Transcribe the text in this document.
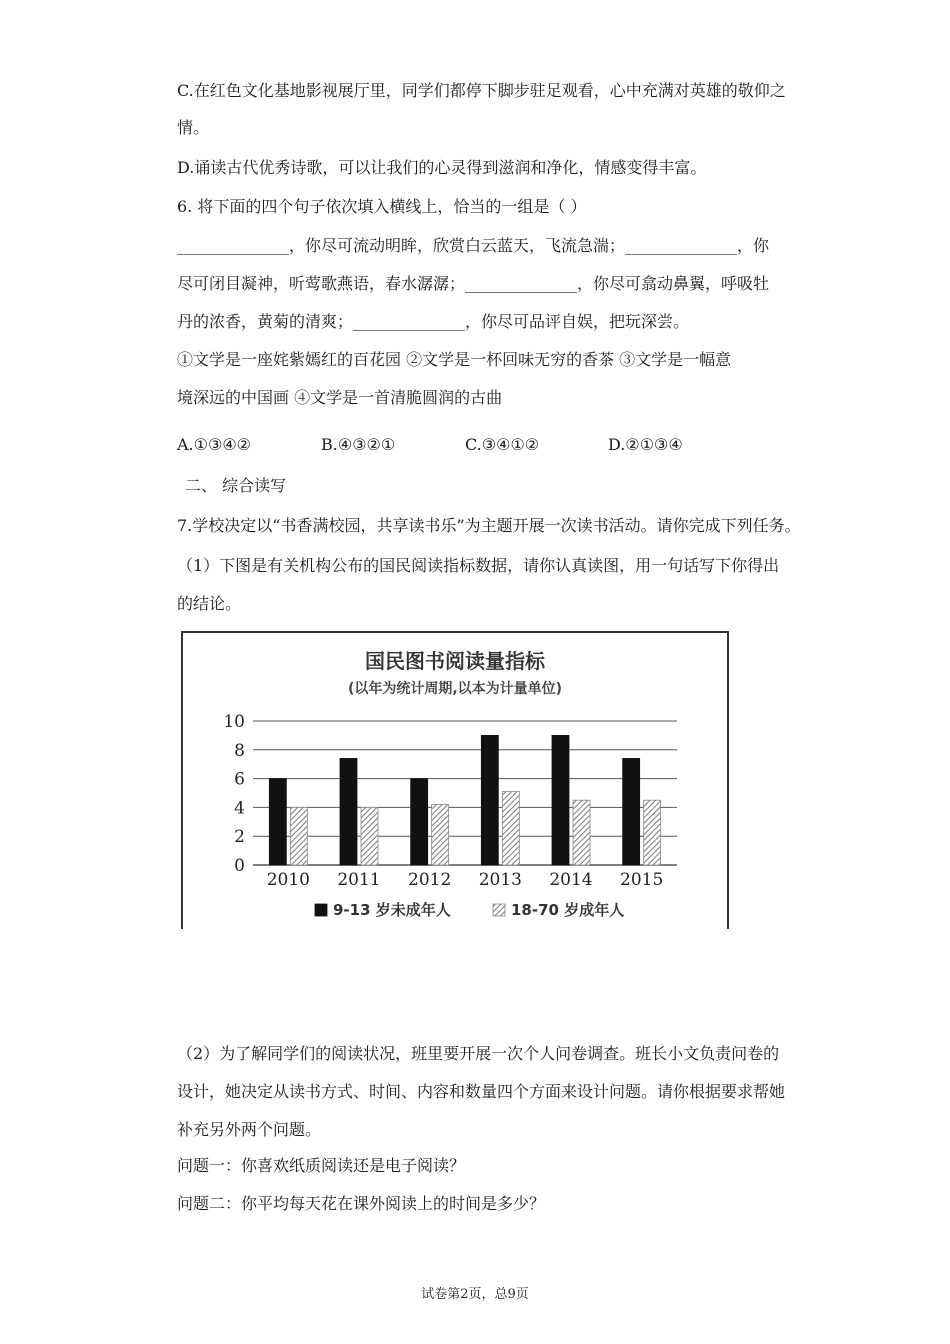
C.在红色文化基地影视展厅里，同学们都停下脚步驻足观看，心中充满对英雄的敬仰之
情。
D.诵读古代优秀诗歌，可以让我们的心灵得到滋润和净化，情感变得丰富。
6. 将下面的四个句子依次填入横线上，恰当的一组是（ ）
______________，你尽可流动明眸，欣赏白云蓝天，飞流急湍；______________，你
尽可闭目凝神，听莺歌燕语，春水潺潺；______________，你尽可翕动鼻翼，呼吸牡
丹的浓香，黄菊的清爽；______________，你尽可品评自娱，把玩深尝。
①文学是一座姹紫嫣红的百花园 ②文学是一杯回味无穷的香茶 ③文学是一幅意
境深远的中国画 ④文学是一首清脆圆润的古曲
A.①③④②	B.④③②①	C.③④①②	D.②①③④
二、 综合读写
7.学校决定以“书香满校园，共享读书乐”为主题开展一次读书活动。请你完成下列任务。
（1）下图是有关机构公布的国民阅读指标数据，请你认真读图，用一句话写下你得出
的结论。
国民图书阅读量指标
(以年为统计周期,以本为计量单位)
0
2
4
6
8
10
2010 2011 2012 2013 2014 2015
9-13 岁未成年人	18-70 岁成年人
（2）为了解同学们的阅读状况，班里要开展一次个人问卷调查。班长小文负责问卷的
设计，她决定从读书方式、时间、内容和数量四个方面来设计问题。请你根据要求帮她
补充另外两个问题。
问题一：你喜欢纸质阅读还是电子阅读？
问题二：你平均每天花在课外阅读上的时间是多少？
试卷第2页，总9页
